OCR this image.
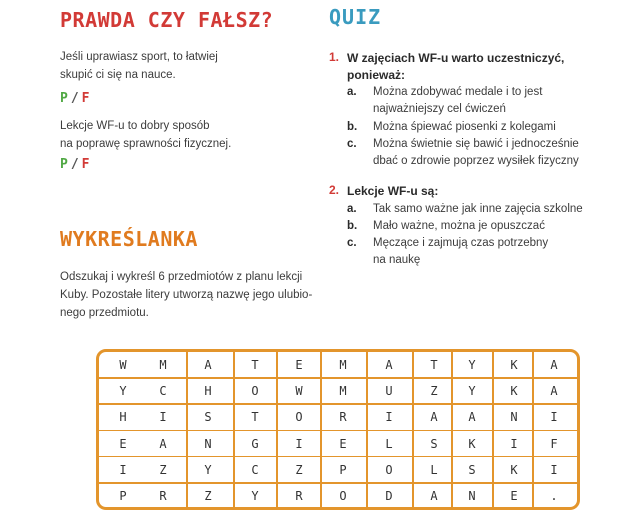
PRAWDA CZY FAŁSZ?
Jeśli uprawiasz sport, to łatwiej
skupić ci się na nauce.
P / F
Lekcje WF-u to dobry sposób
na poprawę sprawności fizycznej.
P / F
WYKREŚLANKA
Odszukaj i wykreśl 6 przedmiotów z planu lekcji
Kuby. Pozostałe litery utworzą nazwę jego ulubio-
nego przedmiotu.
QUIZ
1. W zajęciach WF-u warto uczestniczyć,
ponieważ:
a. Można zdobywać medale i to jest
najważniejszy cel ćwiczeń
b. Można śpiewać piosenki z kolegami
c. Można świetnie się bawić i jednocześnie
dbać o zdrowie poprzez wysiłek fizyczny
2. Lekcje WF-u są:
a. Tak samo ważne jak inne zajęcia szkolne
b. Mało ważne, można je opuszczać
c. Męczące i zajmują czas potrzebny
na naukę
W	M	A	T	E	M	A	T	Y	K	A
Y	C	H	O	W	M	U	Z	Y	K	A
H	I	S	T	O	R	I	A	A	N	I
E	A	N	G	I	E	L	S	K	I	F
I	Z	Y	C	Z	P	O	L	S	K	I
P	R	Z	Y	R	O	D	A	N	E	.
